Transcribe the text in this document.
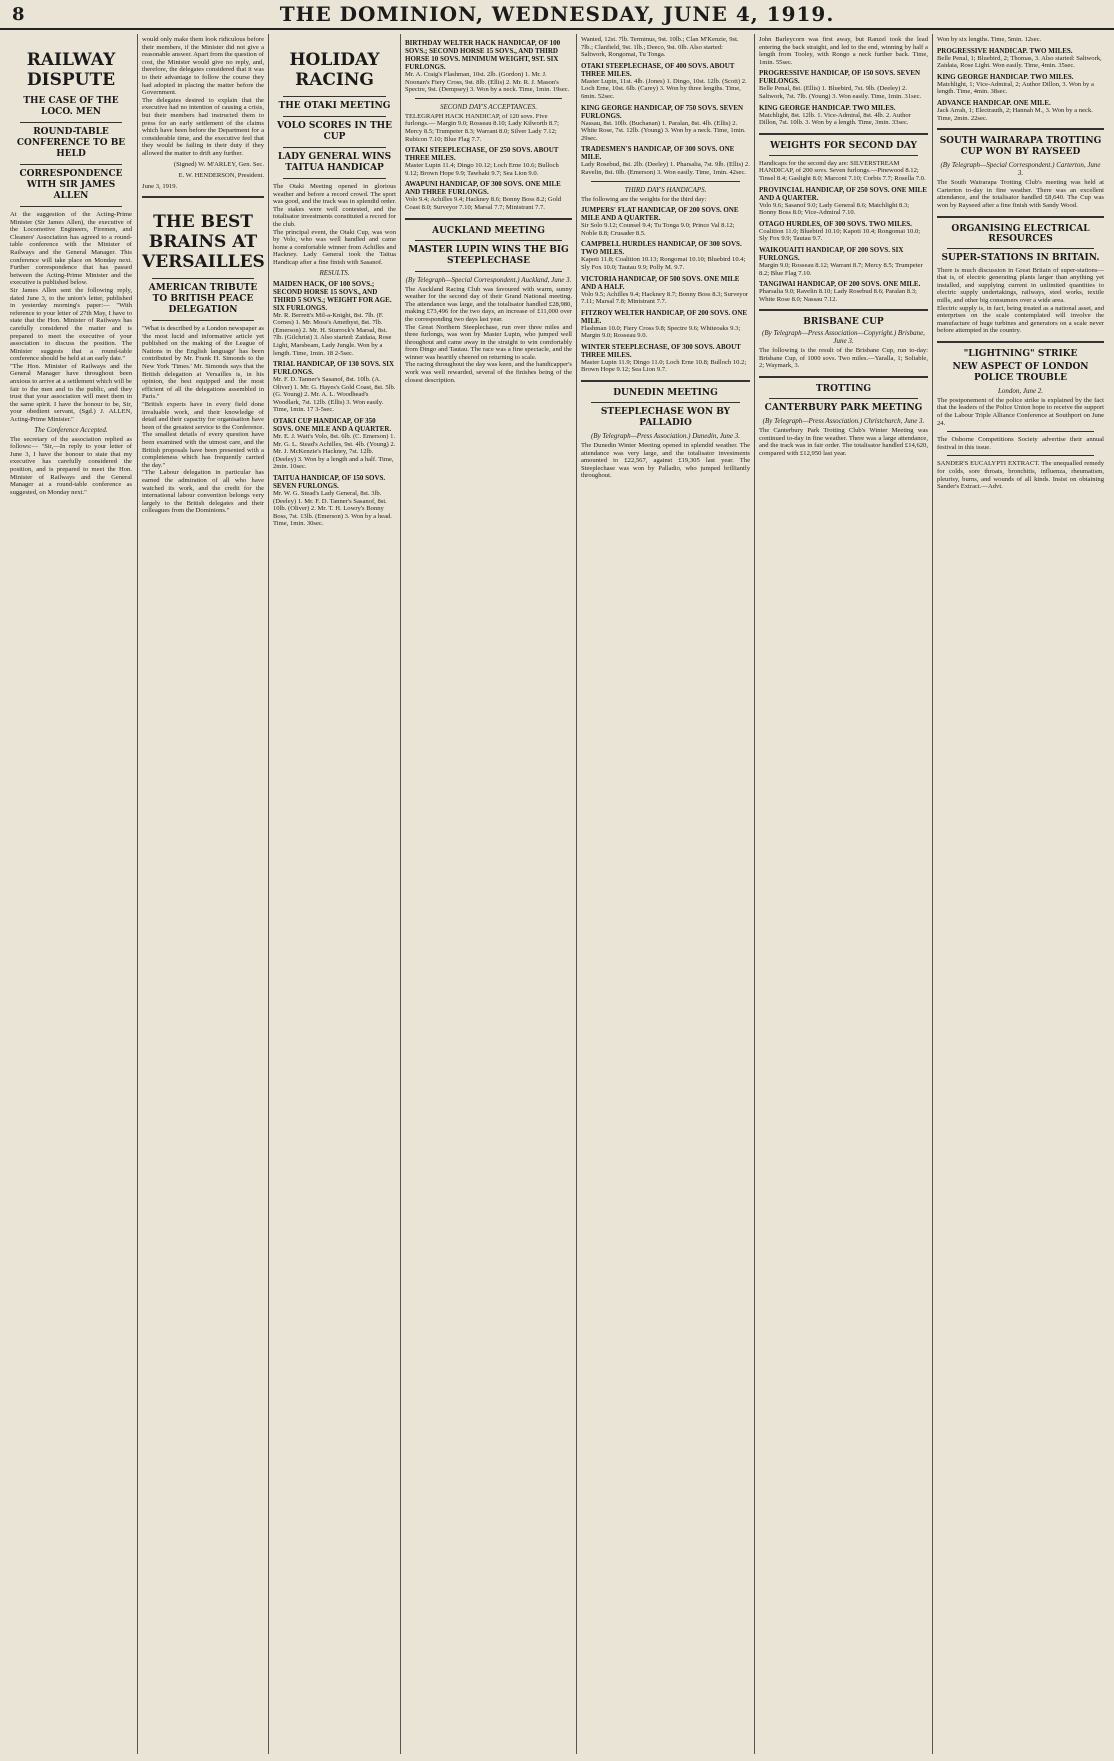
8	THE DOMINION, WEDNESDAY, JUNE 4, 1919.
RAILWAY DISPUTE
THE CASE OF THE LOCO. MEN
ROUND-TABLE CONFERENCE TO BE HELD
CORRESPONDENCE WITH SIR JAMES ALLEN

At the suggestion of the Acting-Prime Minister (Sir James Allen), the executive of the Locomotive Engineers, Firemen, and Cleaners' Association has agreed to a round-table conference with the Minister of Railways and the General Manager. This conference will take place on Monday next. Further correspondence that has passed between the Acting-Prime Minister and the executive is published below.

Sir James Allen sent the following reply, dated June 3, to the union's letter, published in yesterday morning's paper:— "With reference to your letter of 27th May, I have to state that the Hon. Minister of Railways has carefully considered the matter and is prepared to meet the executive of your association to discuss the position. The Minister suggests that a round-table conference should be held at an early date."

"The Hon. Minister of Railways and the General Manager have throughout been anxious to arrive at a settlement which will be fair to the men and to the public, and they trust that your association will meet them in the same spirit. I have the honour to be, Sir, your obedient servant, (Sgd.) J. ALLEN, Acting-Prime Minister."

The Conference Accepted.

The secretary of the association replied as follows:— "Sir,—In reply to your letter of June 3, I have the honour to state that my executive has carefully considered the position, and is prepared to meet the Hon. Minister of Railways and the General Manager at a round-table conference as suggested, on Monday next."

would only make them look ridiculous before their members, if the Minister did not give a reasonable answer. Apart from the question of cost, the Minister would give no reply, and, therefore, the delegates considered that it was to their advantage to follow the course they had adopted in placing the matter before the Government.

The delegates desired to explain that the executive had no intention of causing a crisis, but their members had instructed them to press for an early settlement of the claims which have been before the Department for a considerable time, and the executive feel that they would be failing in their duty if they allowed the matter to drift any further.

(Signed) W. M'ARLEY, Gen. Sec.
E. W. HENDERSON, President.
June 3, 1919.
THE BEST BRAINS AT VERSAILLES
AMERICAN TRIBUTE TO BRITISH PEACE DELEGATION

"What is described by a London newspaper as 'the most lucid and informative article yet published on the making of the League of Nations in the English language' has been contributed by Mr. Frank H. Simonds to the New York 'Times.' Mr. Simonds says that the British delegation at Versailles is, in his opinion, the best equipped and the most efficient of all the delegations assembled in Paris."

"British experts have in every field done invaluable work, and their knowledge of detail and their capacity for organisation have been of the greatest service to the Conference. The smallest details of every question have been examined with the utmost care, and the British proposals have been presented with a completeness which has frequently carried the day."

"The Labour delegation in particular has earned the admiration of all who have watched its work, and the credit for the international labour convention belongs very largely to the British delegates and their colleagues from the Dominions."

HOLIDAY RACING
THE OTAKI MEETING
VOLO SCORES IN THE CUP
LADY GENERAL WINS TAITUA HANDICAP

The Otaki Meeting opened in glorious weather and before a record crowd. The sport was good, and the track was in splendid order. The stakes were well contested, and the totalisator investments constituted a record for the club.

The principal event, the Otaki Cup, was won by Volo, who was well handled and came home a comfortable winner from Achilles and Hackney. Lady General took the Taitua Handicap after a fine finish with Sasanof.

RESULTS.
MAIDEN HACK, OF 100 SOVS.; SECOND HORSE 15 SOVS., AND THIRD 5 SOVS.; WEIGHT FOR AGE. SIX FURLONGS.

Mr. R. Berrett's Mil-a-Knight, 8st. 7lb. (F. Cornes) 1. Mr. Moss's Amethyst, 8st. 7lb. (Emerson) 2. Mr. H. Sturrock's Marsal, 8st. 7lb. (Gilchrist) 3. Also started: Zaidaia, Rose Light, Marsbeam, Lady Jungle. Won by a length. Time, 1min. 18 2-5sec.

TRIAL HANDICAP, OF 130 SOVS. SIX FURLONGS.

Mr. F. D. Tanner's Sasanof, 8st. 10lb. (A. Oliver) 1. Mr. G. Hayes's Gold Coast, 8st. 5lb. (G. Young) 2. Mr. A. L. Woodhead's Woodlark, 7st. 12lb. (Ellis) 3. Won easily. Time, 1min. 17 3-5sec.

OTAKI CUP HANDICAP, OF 350 SOVS. ONE MILE AND A QUARTER.

Mr. E. J. Watt's Volo, 8st. 6lb. (C. Emerson) 1. Mr. G. L. Stead's Achilles, 9st. 4lb. (Young) 2. Mr. J. McKenzie's Hackney, 7st. 12lb. (Deeley) 3. Won by a length and a half. Time, 2min. 10sec.

TAITUA HANDICAP, OF 150 SOVS. SEVEN FURLONGS.

Mr. W. G. Stead's Lady General, 8st. 3lb. (Deeley) 1. Mr. F. D. Tanner's Sasanof, 8st. 10lb. (Oliver) 2. Mr. T. H. Lowry's Bonny Boss, 7st. 13lb. (Emerson) 3. Won by a head. Time, 1min. 30sec.

BIRTHDAY WELTER HACK HANDICAP, OF 100 SOVS.; SECOND HORSE 15 SOVS., AND THIRD HORSE 10 SOVS. MINIMUM WEIGHT, 9ST. SIX FURLONGS.

Mr. A. Craig's Flashman, 10st. 2lb. (Gordon) 1. Mr. J. Noonan's Fiery Cross, 9st. 8lb. (Ellis) 2. Mr. R. J. Mason's Spectre, 9st. (Dempsey) 3. Won by a neck. Time, 1min. 19sec.

SECOND DAY'S ACCEPTANCES.

TELEGRAPH HACK HANDICAP, of 120 sovs. Five furlongs.— Margin 9.0; Rosseau 8.10; Lady Kilworth 8.7; Mercy 8.5; Trumpeter 8.3; Warrant 8.0; Silver Lady 7.12; Rubicon 7.10; Blue Flag 7.7.

OTAKI STEEPLECHASE, OF 250 SOVS. ABOUT THREE MILES.

Master Lupin 11.4; Dingo 10.12; Loch Erne 10.6; Bulloch 9.12; Brown Hope 9.9; Tawhaki 9.7; Sea Lion 9.0.

AWAPUNI HANDICAP, OF 300 SOVS. ONE MILE AND THREE FURLONGS.

Volo 9.4; Achilles 9.4; Hackney 8.6; Bonny Boss 8.2; Gold Coast 8.0; Surveyor 7.10; Marsal 7.7; Ministrant 7.7.

AUCKLAND MEETING
MASTER LUPIN WINS THE BIG STEEPLECHASE
(By Telegraph—Special Correspondent.) Auckland, June 3.

The Auckland Racing Club was favoured with warm, sunny weather for the second day of their Grand National meeting. The attendance was large, and the totalisator handled £28,980, making £73,496 for the two days, an increase of £11,000 over the corresponding two days last year.

The Great Northern Steeplechase, run over three miles and three furlongs, was won by Master Lupin, who jumped well throughout and came away in the straight to win comfortably from Dingo and Tautau. The race was a fine spectacle, and the winner was heartily cheered on returning to scale.

The racing throughout the day was keen, and the handicapper's work was well rewarded, several of the finishes being of the closest description.

Wanted, 12st. 7lb. Terminus, 9st. 10lb.; Clan M'Kenzie, 9st. 7lb.; Clanfield, 9st. 1lb.; Deeco, 9st. 0lb. Also started: Saltwork, Rongomai, Tu Tonga.

OTAKI STEEPLECHASE, OF 400 SOVS. ABOUT THREE MILES.

Master Lupin, 11st. 4lb. (Jones) 1. Dingo, 10st. 12lb. (Scott) 2. Loch Erne, 10st. 6lb. (Carey) 3. Won by three lengths. Time, 6min. 52sec.

KING GEORGE HANDICAP, OF 750 SOVS. SEVEN FURLONGS.

Nassau, 8st. 10lb. (Buchanan) 1. Paralan, 8st. 4lb. (Ellis) 2. White Rose, 7st. 12lb. (Young) 3. Won by a neck. Time, 1min. 29sec.

TRADESMEN'S HANDICAP, OF 300 SOVS. ONE MILE.

Lady Rosebud, 8st. 2lb. (Deeley) 1. Pharsalia, 7st. 9lb. (Ellis) 2. Ravelin, 8st. 0lb. (Emerson) 3. Won easily. Time, 1min. 42sec.

THIRD DAY'S HANDICAPS.

The following are the weights for the third day:

JUMPERS' FLAT HANDICAP, OF 200 SOVS. ONE MILE AND A QUARTER.

Sir Solo 9.12; Counsel 9.4; Tu Tonga 9.0; Prince Val 8.12; Noble 8.8; Crusader 8.5.

CAMPBELL HURDLES HANDICAP, OF 300 SOVS. TWO MILES.

Kapoti 11.8; Coalition 10.13; Rongomai 10.10; Bluebird 10.4; Sly Fox 10.0; Tautau 9.9; Polly M. 9.7.

VICTORIA HANDICAP, OF 500 SOVS. ONE MILE AND A HALF.

Volo 9.5; Achilles 9.4; Hackney 8.7; Bonny Boss 8.3; Surveyor 7.11; Marsal 7.8; Ministrant 7.7.

FITZROY WELTER HANDICAP, OF 200 SOVS. ONE MILE.

Flashman 10.0; Fiery Cross 9.8; Spectre 9.6; Whiteoaks 9.3; Margin 9.0; Rosseau 9.0.

WINTER STEEPLECHASE, OF 300 SOVS. ABOUT THREE MILES.

Master Lupin 11.9; Dingo 11.0; Loch Erne 10.8; Bulloch 10.2; Brown Hope 9.12; Sea Lion 9.7.

DUNEDIN MEETING
STEEPLECHASE WON BY PALLADIO
(By Telegraph—Press Association.) Dunedin, June 3.

The Dunedin Winter Meeting opened in splendid weather. The attendance was very large, and the totalisator investments amounted to £22,567, against £19,305 last year. The Steeplechase was won by Palladio, who jumped brilliantly throughout.

John Barleycorn was first away, but Ranzel took the lead entering the back straight, and led to the end, winning by half a length from Tooley, with Rongo a neck further back. Time, 1min. 55sec.

PROGRESSIVE HANDICAP, OF 150 SOVS. SEVEN FURLONGS.

Belle Penal, 8st. (Ellis) 1. Bluebird, 7st. 9lb. (Deeley) 2. Saltwork, 7st. 7lb. (Young) 3. Won easily. Time, 1min. 31sec.

KING GEORGE HANDICAP. TWO MILES.

Matchlight, 8st. 12lb. 1. Vice-Admiral, 8st. 4lb. 2. Author Dillon, 7st. 10lb. 3. Won by a length. Time, 3min. 33sec.

WEIGHTS FOR SECOND DAY

Handicaps for the second day are: SILVERSTREAM HANDICAP, of 200 sovs. Seven furlongs.—Pinewood 8.12; Tinsel 8.4; Gaslight 8.0; Marconi 7.10; Corbis 7.7; Rosella 7.0.

PROVINCIAL HANDICAP, OF 250 SOVS. ONE MILE AND A QUARTER.

Volo 9.6; Sasanof 9.0; Lady General 8.6; Matchlight 8.3; Bonny Boss 8.0; Vice-Admiral 7.10.

OTAGO HURDLES, OF 300 SOVS. TWO MILES.

Coalition 11.0; Bluebird 10.10; Kapoti 10.4; Rongomai 10.0; Sly Fox 9.9; Tautau 9.7.

WAIKOUAITI HANDICAP, OF 200 SOVS. SIX FURLONGS.

Margin 9.0; Rosseau 8.12; Warrant 8.7; Mercy 8.5; Trumpeter 8.2; Blue Flag 7.10.

TANGIWAI HANDICAP, OF 200 SOVS. ONE MILE.

Pharsalia 9.0; Ravelin 8.10; Lady Rosebud 8.6; Paralan 8.3; White Rose 8.0; Nassau 7.12.

BRISBANE CUP
(By Telegraph—Press Association—Copyright.) Brisbane, June 3.

The following is the result of the Brisbane Cup, run to-day: Brisbane Cup, of 1000 sovs. Two miles.—Yaralla, 1; Soliable, 2; Waymark, 3.

TROTTING
CANTERBURY PARK MEETING
(By Telegraph—Press Association.) Christchurch, June 3.

The Canterbury Park Trotting Club's Winter Meeting was continued to-day in fine weather. There was a large attendance, and the track was in fair order. The totalisator handled £14,620, compared with £12,950 last year.

Won by six lengths. Time, 5min. 12sec.

PROGRESSIVE HANDICAP. TWO MILES.

Belle Penal, 1; Bluebird, 2; Thomas, 3. Also started: Saltwork, Zaidaia, Rose Light. Won easily. Time, 4min. 35sec.

KING GEORGE HANDICAP. TWO MILES.

Matchlight, 1; Vice-Admiral, 2; Author Dillon, 3. Won by a length. Time, 4min. 38sec.

ADVANCE HANDICAP. ONE MILE.

Jack Arrah, 1; Electrauth, 2; Hannah M., 3. Won by a neck. Time, 2min. 22sec.

SOUTH WAIRARAPA TROTTING CUP WON BY RAYSEED
(By Telegraph—Special Correspondent.) Carterton, June 3.

The South Wairarapa Trotting Club's meeting was held at Carterton to-day in fine weather. There was an excellent attendance, and the totalisator handled £8,640. The Cup was won by Rayseed after a fine finish with Sandy Wood.

ORGANISING ELECTRICAL RESOURCES
SUPER-STATIONS IN BRITAIN.

There is much discussion in Great Britain of super-stations—that is, of electric generating plants larger than anything yet installed, and supplying current in unlimited quantities to electric supply undertakings, railways, steel works, textile mills, and other big consumers over a wide area.

Electric supply is, in fact, being treated as a national asset, and enterprises on the scale contemplated will involve the manufacture of huge turbines and generators on a scale never before attempted in the country.

"LIGHTNING" STRIKE
NEW ASPECT OF LONDON POLICE TROUBLE
London, June 2.

The postponement of the police strike is explained by the fact that the leaders of the Police Union hope to receive the support of the Labour Triple Alliance Conference at Southport on June 24.

The Osborne Competitions Society advertise their annual festival in this issue.

SANDER'S EUCALYPTI EXTRACT. The unequalled remedy for colds, sore throats, bronchitis, influenza, rheumatism, pleurisy, burns, and wounds of all kinds. Insist on obtaining Sander's Extract.—Advt.
